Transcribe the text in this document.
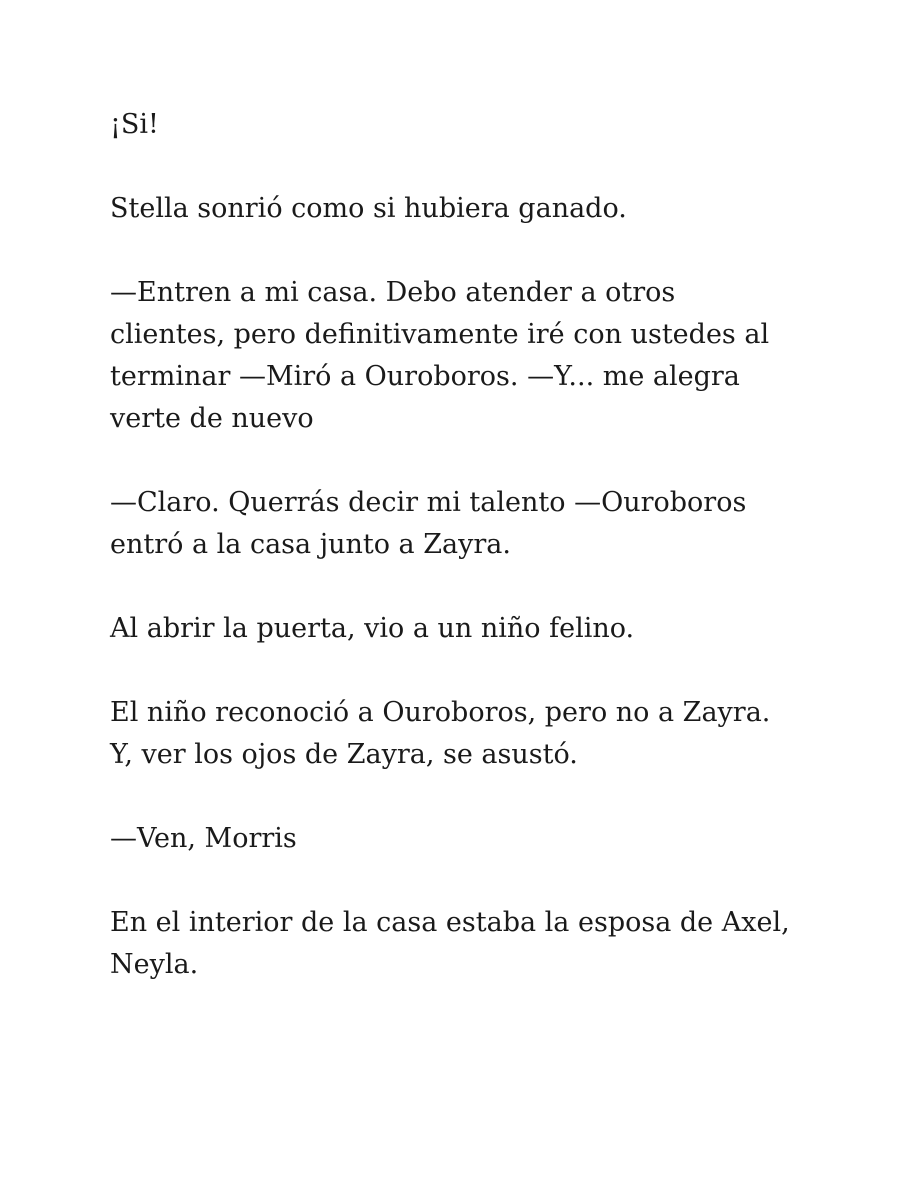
¡Si!

Stella sonrió como si hubiera ganado.

—Entren a mi casa. Debo atender a otros
clientes, pero definitivamente iré con ustedes al
terminar —Miró a Ouroboros. —Y... me alegra
verte de nuevo

—Claro. Querrás decir mi talento —Ouroboros
entró a la casa junto a Zayra.

Al abrir la puerta, vio a un niño felino.

El niño reconoció a Ouroboros, pero no a Zayra.
Y, ver los ojos de Zayra, se asustó.

—Ven, Morris

En el interior de la casa estaba la esposa de Axel,
Neyla.
